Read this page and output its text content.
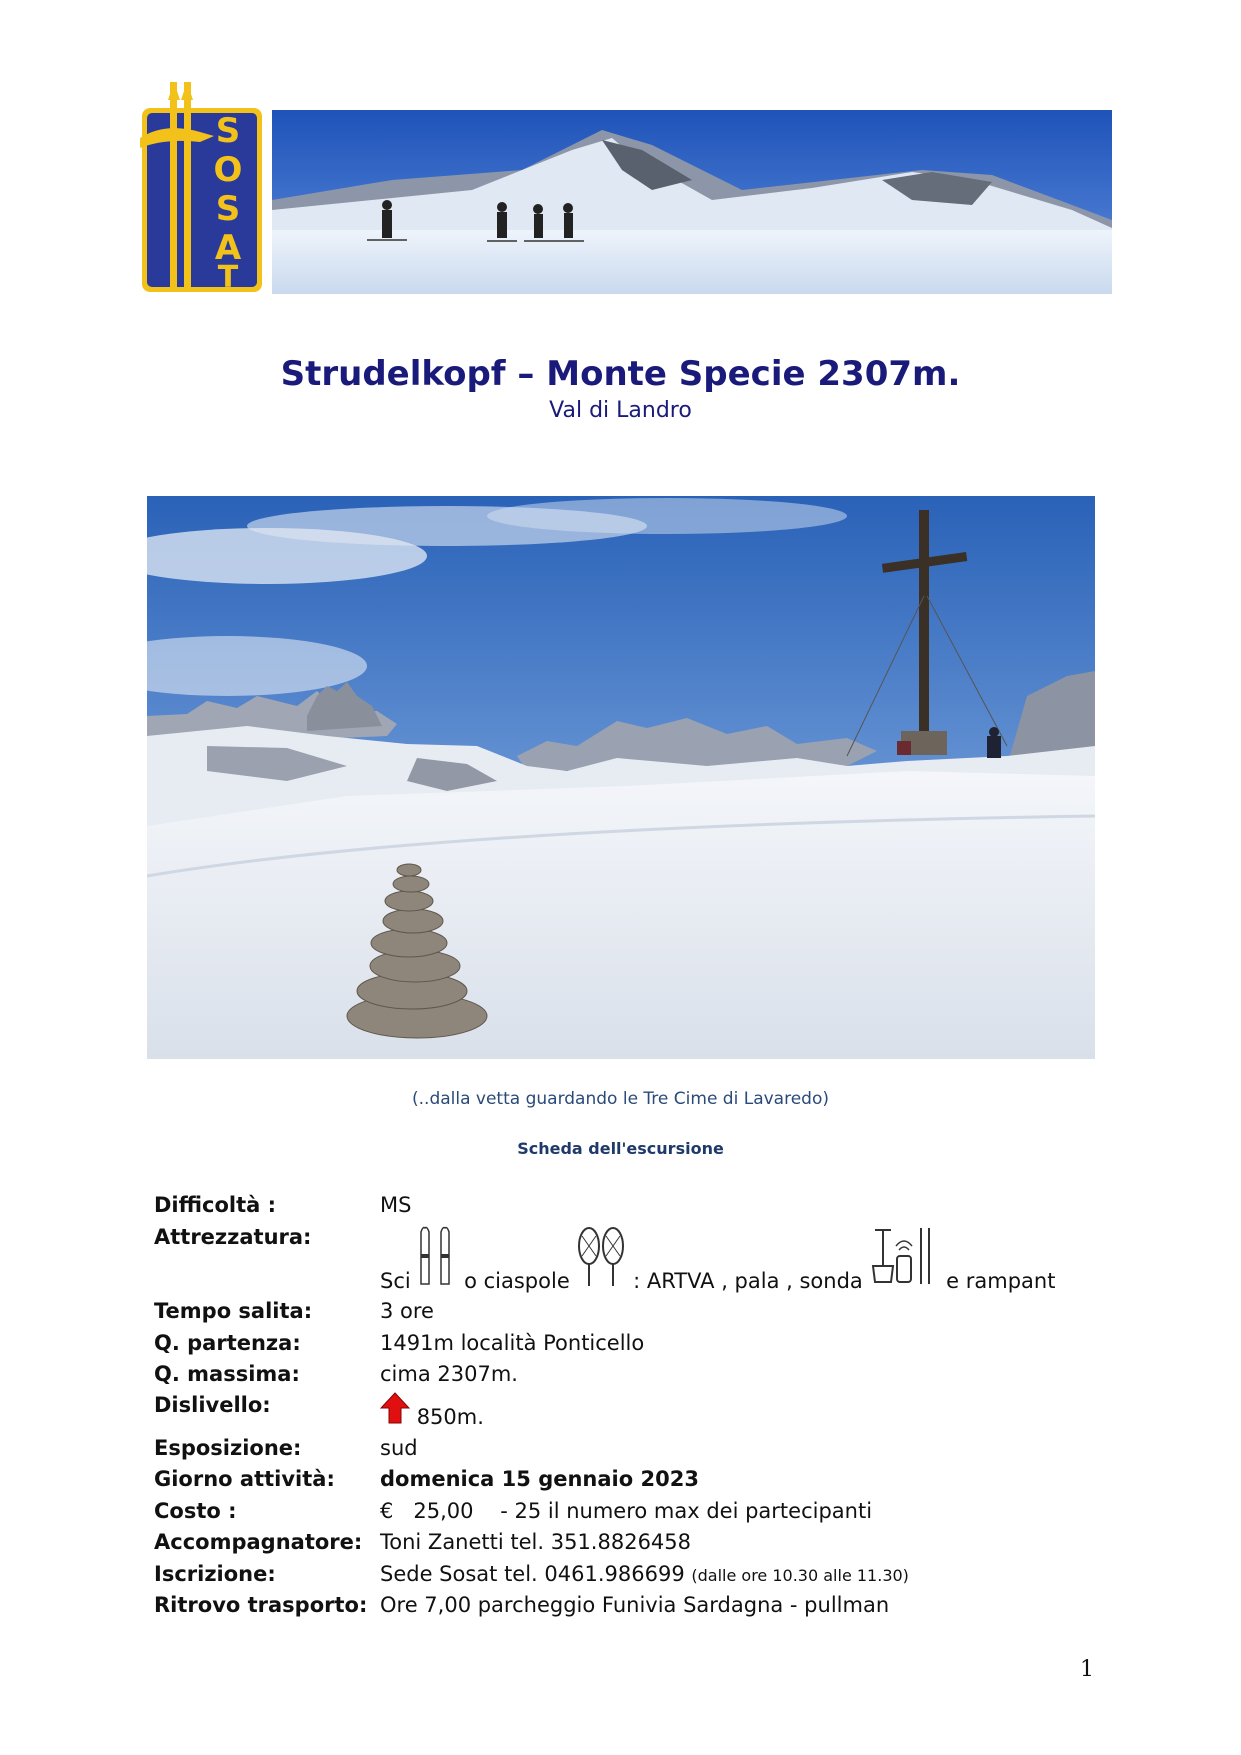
S
O
S
A
T
Strudelkopf – Monte Specie 2307m.
Val di Landro
(..dalla vetta guardando le Tre Cime di Lavaredo)
Scheda dell'escursione
Difficoltà :	MS
Attrezzatura:
Sci	o ciaspole	: ARTVA , pala , sonda	e rampant
Tempo salita:	3 ore
Q. partenza:	1491m località Ponticello
Q. massima:	cima 2307m.
Dislivello:	850m.
Esposizione:	sud
Giorno attività: domenica 15 gennaio 2023
Costo :	€   25,00    - 25 il numero max dei partecipanti
Accompagnatore: Toni Zanetti tel. 351.8826458
Iscrizione:	Sede Sosat tel. 0461.986699 (dalle ore 10.30 alle 11.30)
Ritrovo trasporto: Ore 7,00 parcheggio Funivia Sardagna - pullman
1
